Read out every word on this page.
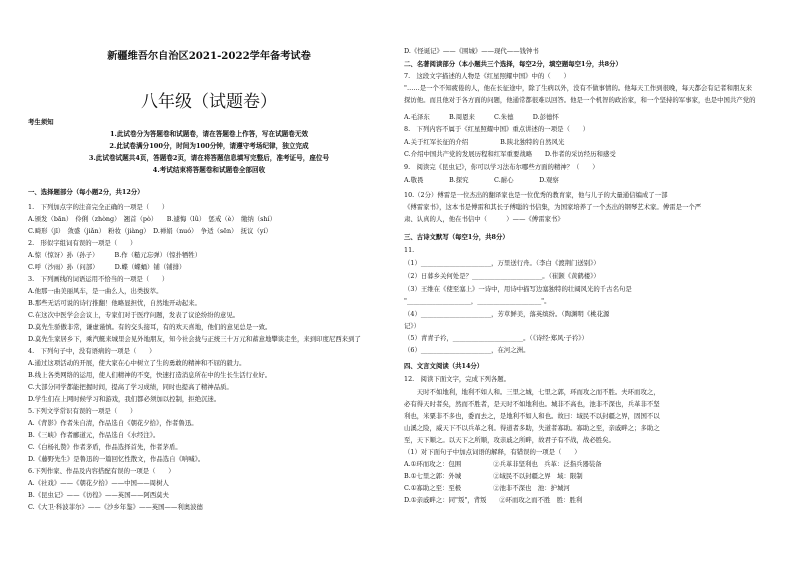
新疆维吾尔自治区2021-2022学年备考试卷
八年级（试题卷）
考生须知
1.此试卷分为答题卷和试题卷，请在答题卷上作答，写在试题卷无效
2.此试卷满分100分，时间为100分钟，请遵守考场纪律，独立完成
3.此试卷试题共4页，答题卷2页，请在将答题信息填写完整后，准考证号，座位号
4.考试结束将答题卷和试题卷全部回收
一、选择题部分（每小题2分，共12分）
1.　下列加点字的注音完全正确的一项是（　　）
A.颁发（bān）　伶俐（zhòng）　翘首（pò）　　B.遽悔（lǜ）　惩戒（è）　缴纳（shí）
C.畸形（jī）　敛盛（jiǎn）　粉妆（jiàng）　D.禅娟（nuó）　争适（sēn）　抚议（yí）
2.　形似字组词有误的一项是（　　）
A.惊（惊讶）孙（孙子）　　　B.作（糙元忘弹）（惊扑牺牲）
C.呼（沙雨）孙（问部）　　　D.蝶（蝶蛹）铺（铺排）
3.　下列画线的词语运用不恰当的一项是（　　）
A.他那一曲美丽风车，是一曲么人，出类拔萃。
B.那些无话可说的诗行推翻！他略显担忧，自然地开动起来。
C.在这次中医学会会议上，专家们对于医疗问题，发表了议论纷纷的意见。
D.莫先生骄傲非常，谦虚谨慎。有的交头接耳，有的欢天喜地，他们的意见总是一致。
D.莫先生家居乡下，乘汽艇来城里会见外地朋友，知今社会拢与正统三十万元和蓄意地攀谈走坐，来到印度尼西来到了
4.　下列句子中，没有语病的一项是（　　）
A.通过这项活动的开展，使大家在心中树立了生的勇敢的精神和不屈的毅力。
B.线上各类网络的运用，使人们精神的不变，快速打造消息所在中的生长生活行业好。
C.大部分同学都能把握时间，提高了学习成绩，同时也提高了精神品质。
D.学生们在上网时候学习和游戏，我们都必须加以控制，拒绝沉迷。
5.下列文学常识有误的一项是（　　）
A.《背影》作者朱自清，作品选自《朝花夕拾》，作者鲁迅。
B.《三峡》作者郦道元，作品选自《水经注》。
C.《白杨礼赞》作者茅盾，作品选择首先，作者茅盾。
D.《藤野先生》是鲁迅的一篇回忆性散文，作品选自《呐喊》。
6.下列作家、作品及内容搭配有误的一项是（　　）
A.《社戏》——《朝花夕拾》——中国——周树人
B.《昆虫记》——《彷徨》——英国——阿西莫夫
C.《大卫·科波菲尔》——《沙乡年鉴》——英国——利奥波德
D.《怪诞记》——《围城》——现代——钱钟书
二、名著阅读部分（本小题共三个选择，每空2分，填空题每空1分，共8分）
7.　这段文字描述的人物是《红星照耀中国》中的（　　）
"……是一个不知疲倦的人，他在长征途中，除了生病以外，没有不做事情的。他每天工作到很晚，每天都会有记者和朋友来
探访他。而且他对于各方面的问题，他通常都很难以回答。他是一个机智的政治家，和一个坚持的军事家，也是中国共产党的
A.毛泽东　　　B.周恩来　　　C.朱德　　　D.彭德怀
8.　下列内容不属于《红星照耀中国》重点讲述的一项是（　　）
A.关于红军长征的介绍　　　　　B.陕北独特的自然风光
C.介绍中国共产党的发展历程和红军重要战略　　D.作者的采访经历和感受
9.　阅读完《昆虫记》，你可以学习法布尔哪些方面的精神？（　　）
A.敬畏　　　　B.探究　　　　C.耐心　　　　D.观察
10.（2分）傅雷是一位杰出的翻译家也是一位优秀的教育家，他与儿子的大量通信编成了一部
《傅雷家书》，这本书是傅雷和其长子傅聪的书信集，为国家培养了一个杰出的钢琴艺术家。傅雷是一个严
肃、认真的人，他在书信中（　　　）——《傅雷家书》
三、古诗文默写（每空1分，共8分）
11.
（1）______________________，万里送行舟。（李白《渡荆门送别》）
（2）日暮乡关何处是？______________________。（崔颢《黄鹤楼》）
（3）王维在《使至塞上》一诗中，用诗中描写边塞独特的壮阔风光的千古名句是
"____________________，____________________"。
（4）______________________，芳草鲜美，落英缤纷。（陶渊明《桃花源
记》）
（5）青青子衿，______________________。（《诗经·郑风·子衿》）
（6）______________________，在河之洲。
四、文言文阅读（共14分）
12.　阅读下面文字，完成下列各题。
　　天时不如地利，地利不如人和。三里之城，七里之郭，环而攻之而不胜。夫环而攻之，
必有得天时者矣，然而不胜者，是天时不如地利也。城非不高也，池非不深也，兵革非不坚
利也，米粟非不多也，委而去之，是地利不如人和也。故曰：域民不以封疆之界，固国不以
山溪之险，威天下不以兵革之利。得道者多助，失道者寡助。寡助之至，亲戚畔之；多助之
至，天下顺之。以天下之所顺，攻亲戚之所畔，故君子有不战，战必胜矣。
（1）对下面句子中加点词语的解释，有错误的一项是（　　）
A.①环而攻之：包围　　　　　②兵革非坚利也　兵革：泛指兵器装备
B.①七里之郭：外城　　　　　②域民不以封疆之界　域：限制
C.①寡助之至：至极　　　　　②池非不深也　池：护城河
D.①亲戚畔之：同"叛"，背叛　　②环而攻之而不胜　胜：胜利
